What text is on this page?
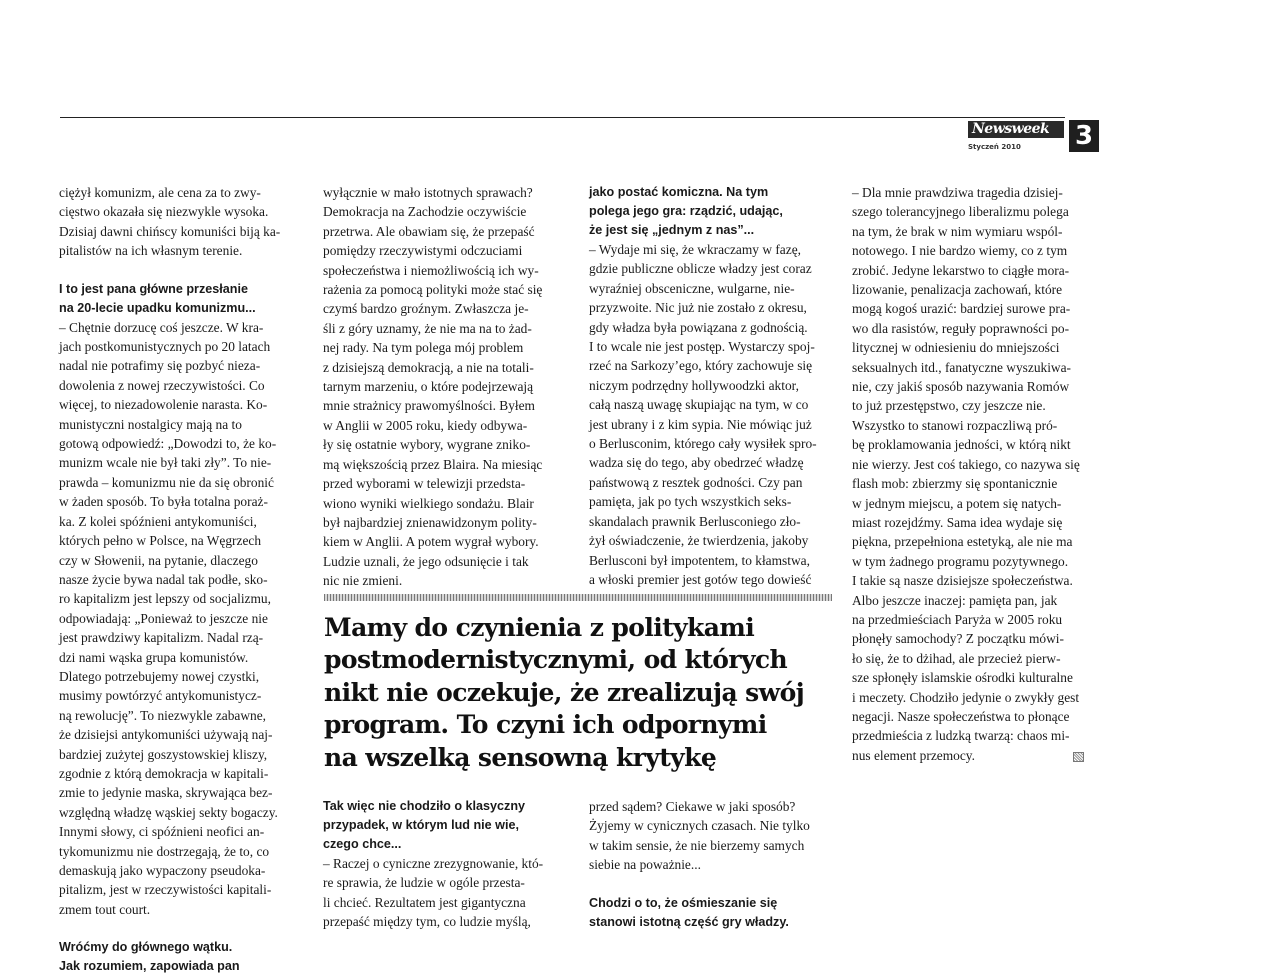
Newsweek 3
Styczeń 2010

ciężył komunizm, ale cena za to zwy-

cięstwo okazała się niezwykle wysoka.

Dzisiaj dawni chińscy komuniści biją ka-

pitalistów na ich własnym terenie.

I to jest pana główne przesłanie

na 20-lecie upadku komunizmu...

– Chętnie dorzucę coś jeszcze. W kra-

jach postkomunistycznych po 20 latach

nadal nie potrafimy się pozbyć nieza-

dowolenia z nowej rzeczywistości. Co

więcej, to niezadowolenie narasta. Ko-

munistyczni nostalgicy mają na to

gotową odpowiedź: „Dowodzi to, że ko-

munizm wcale nie był taki zły”. To nie-

prawda – komunizmu nie da się obronić

w żaden sposób. To była totalna poraż-

ka. Z kolei spóźnieni antykomuniści,

których pełno w Polsce, na Węgrzech

czy w Słowenii, na pytanie, dlaczego

nasze życie bywa nadal tak podłe, sko-

ro kapitalizm jest lepszy od socjalizmu,

odpowiadają: „Ponieważ to jeszcze nie

jest prawdziwy kapitalizm. Nadal rzą-

dzi nami wąska grupa komunistów.

Dlatego potrzebujemy nowej czystki,

musimy powtórzyć antykomunistycz-

ną rewolucję”. To niezwykle zabawne,

że dzisiejsi antykomuniści używają naj-

bardziej zużytej goszystowskiej kliszy,

zgodnie z którą demokracja w kapitali-

zmie to jedynie maska, skrywająca bez-

względną władzę wąskiej sekty bogaczy.

Innymi słowy, ci spóźnieni neofici an-

tykomunizmu nie dostrzegają, że to, co

demaskują jako wypaczony pseudoka-

pitalizm, jest w rzeczywistości kapitali-

zmem tout court.

Wróćmy do głównego wątku.

Jak rozumiem, zapowiada pan

wyłącznie w mało istotnych sprawach?

Demokracja na Zachodzie oczywiście

przetrwa. Ale obawiam się, że przepaść

pomiędzy rzeczywistymi odczuciami

społeczeństwa i niemożliwością ich wy-

rażenia za pomocą polityki może stać się

czymś bardzo groźnym. Zwłaszcza je-

śli z góry uznamy, że nie ma na to żad-

nej rady. Na tym polega mój problem

z dzisiejszą demokracją, a nie na totali-

tarnym marzeniu, o które podejrzewają

mnie strażnicy prawomyślności. Byłem

w Anglii w 2005 roku, kiedy odbywa-

ły się ostatnie wybory, wygrane zniko-

mą większością przez Blaira. Na miesiąc

przed wyborami w telewizji przedsta-

wiono wyniki wielkiego sondażu. Blair

był najbardziej znienawidzonym polity-

kiem w Anglii. A potem wygrał wybory.

Ludzie uznali, że jego odsunięcie i tak

nic nie zmieni.

jako postać komiczna. Na tym

polega jego gra: rządzić, udając,

że jest się „jednym z nas”...

– Wydaje mi się, że wkraczamy w fazę,

gdzie publiczne oblicze władzy jest coraz

wyraźniej obsceniczne, wulgarne, nie-

przyzwoite. Nic już nie zostało z okresu,

gdy władza była powiązana z godnością.

I to wcale nie jest postęp. Wystarczy spoj-

rzeć na Sarkozy’ego, który zachowuje się

niczym podrzędny hollywoodzki aktor,

całą naszą uwagę skupiając na tym, w co

jest ubrany i z kim sypia. Nie mówiąc już

o Berlusconim, którego cały wysiłek spro-

wadza się do tego, aby obedrzeć władzę

państwową z resztek godności. Czy pan

pamięta, jak po tych wszystkich seks-

skandalach prawnik Berlusconiego zło-

żył oświadczenie, że twierdzenia, jakoby

Berlusconi był impotentem, to kłamstwa,

a włoski premier jest gotów tego dowieść

– Dla mnie prawdziwa tragedia dzisiej-

szego tolerancyjnego liberalizmu polega

na tym, że brak w nim wymiaru wspól-

notowego. I nie bardzo wiemy, co z tym

zrobić. Jedyne lekarstwo to ciągłe mora-

lizowanie, penalizacja zachowań, które

mogą kogoś urazić: bardziej surowe pra-

wo dla rasistów, reguły poprawności po-

litycznej w odniesieniu do mniejszości

seksualnych itd., fanatyczne wyszukiwa-

nie, czy jakiś sposób nazywania Romów

to już przestępstwo, czy jeszcze nie.

Wszystko to stanowi rozpaczliwą pró-

bę proklamowania jedności, w którą nikt

nie wierzy. Jest coś takiego, co nazywa się

flash mob: zbierzmy się spontanicznie

w jednym miejscu, a potem się natych-

miast rozejdźmy. Sama idea wydaje się

piękna, przepełniona estetyką, ale nie ma

w tym żadnego programu pozytywnego.

I takie są nasze dzisiejsze społeczeństwa.

Albo jeszcze inaczej: pamięta pan, jak

na przedmieściach Paryża w 2005 roku

płonęły samochody? Z początku mówi-

ło się, że to dżihad, ale przecież pierw-

sze spłonęły islamskie ośrodki kulturalne

i meczety. Chodziło jedynie o zwykły gest

negacji. Nasze społeczeństwa to płonące

przedmieścia z ludzką twarzą: chaos mi-

nus element przemocy.

Mamy do czynienia z politykami
postmodernistycznymi, od których
nikt nie oczekuje, że zrealizują swój
program. To czyni ich odpornymi
na wszelką sensowną krytykę

Tak więc nie chodziło o klasyczny

przypadek, w którym lud nie wie,

czego chce...

– Raczej o cyniczne zrezygnowanie, któ-

re sprawia, że ludzie w ogóle przesta-

li chcieć. Rezultatem jest gigantyczna

przepaść między tym, co ludzie myślą,

przed sądem? Ciekawe w jaki sposób?

Żyjemy w cynicznych czasach. Nie tylko

w takim sensie, że nie bierzemy samych

siebie na poważnie...

Chodzi o to, że ośmieszanie się

stanowi istotną część gry władzy.
